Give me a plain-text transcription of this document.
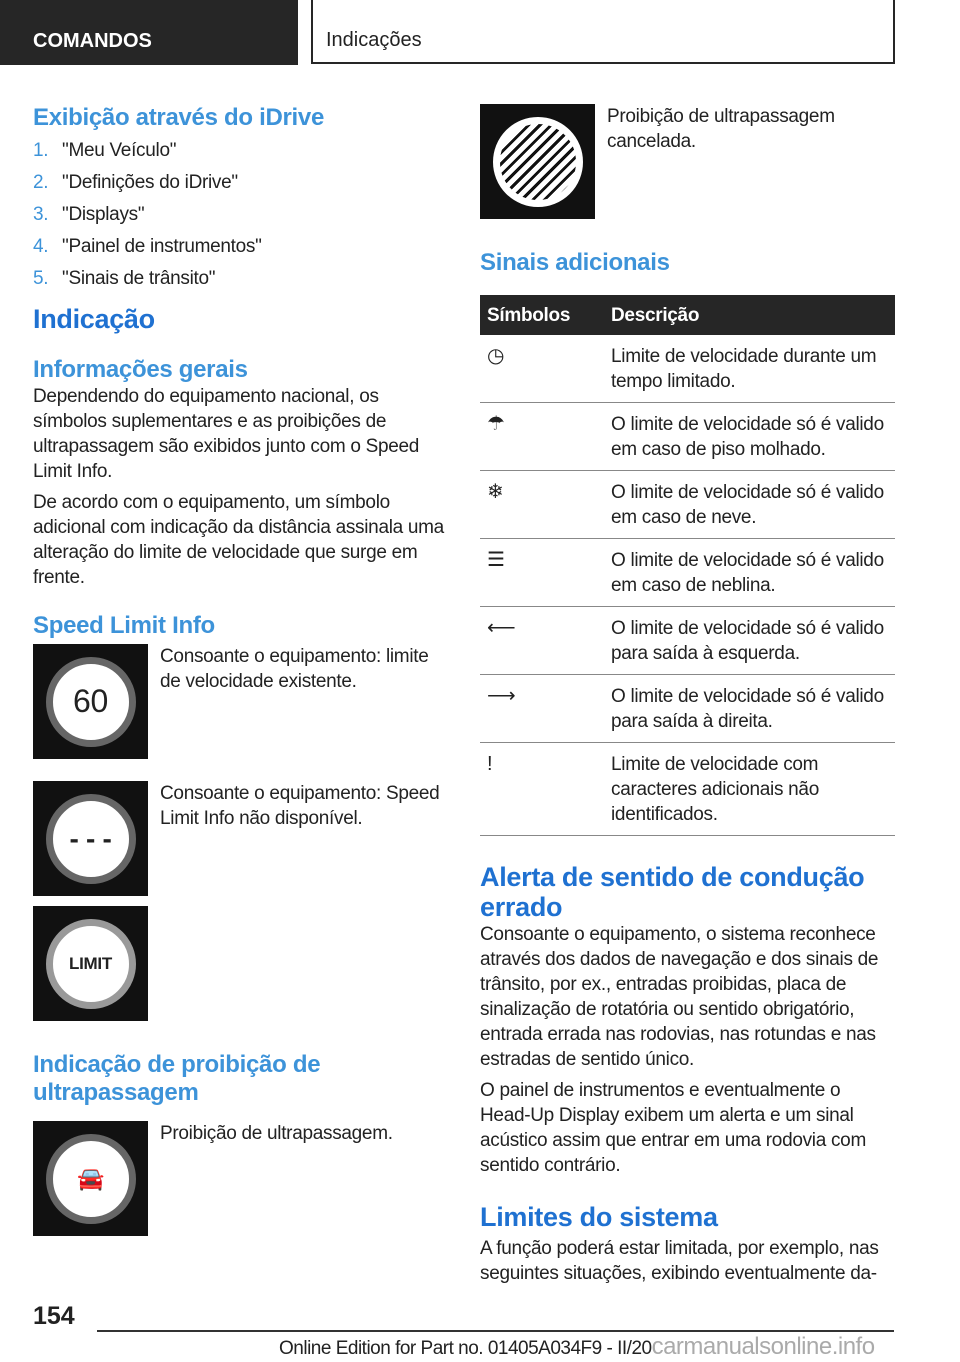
COMANDOS	Indicações
Exibição através do iDrive
1. "Meu Veículo"
2. "Definições do iDrive"
3. "Displays"
4. "Painel de instrumentos"
5. "Sinais de trânsito"
Indicação
Informações gerais

Dependendo do equipamento nacional, os símbolos suplementares e as proibições de ultrapassagem são exibidos junto com o Speed Limit Info.

De acordo com o equipamento, um símbolo adicional com indicação da distância assinala uma alteração do limite de velocidade que surge em frente.

Speed Limit Info
60

Consoante o equipamento: limite de velocidade existente.

- - -

Consoante o equipamento: Speed Limit Info não disponível.

LIMIT
Indicação de proibição de ultrapassagem
🚘

Proibição de ultrapassagem.

Proibição de ultrapassagem cancelada.

Sinais adicionais
Símbolos	Descrição
◷	Limite de velocidade durante um tempo limitado.
☂	O limite de velocidade só é valido em caso de piso molhado.
❄	O limite de velocidade só é valido em caso de neve.
☰	O limite de velocidade só é valido em caso de neblina.
⟵	O limite de velocidade só é valido para saída à esquerda.
⟶	O limite de velocidade só é valido para saída à direita.
!	Limite de velocidade com caracteres adicionais não identificados.
Alerta de sentido de condução errado

Consoante o equipamento, o sistema reconhece através dos dados de navegação e dos sinais de trânsito, por ex., entradas proibidas, placa de sinalização de rotatória ou sentido obrigatório, entrada errada nas rodovias, nas rotundas e nas estradas de sentido único.

O painel de instrumentos e eventualmente o Head-Up Display exibem um alerta e um sinal acústico assim que entrar em uma rodovia com sentido contrário.

Limites do sistema

A função poderá estar limitada, por exemplo, nas seguintes situações, exibindo eventualmente da-

154
Online Edition for Part no. 01405A034F9 - II/20carmanualsonline.info
